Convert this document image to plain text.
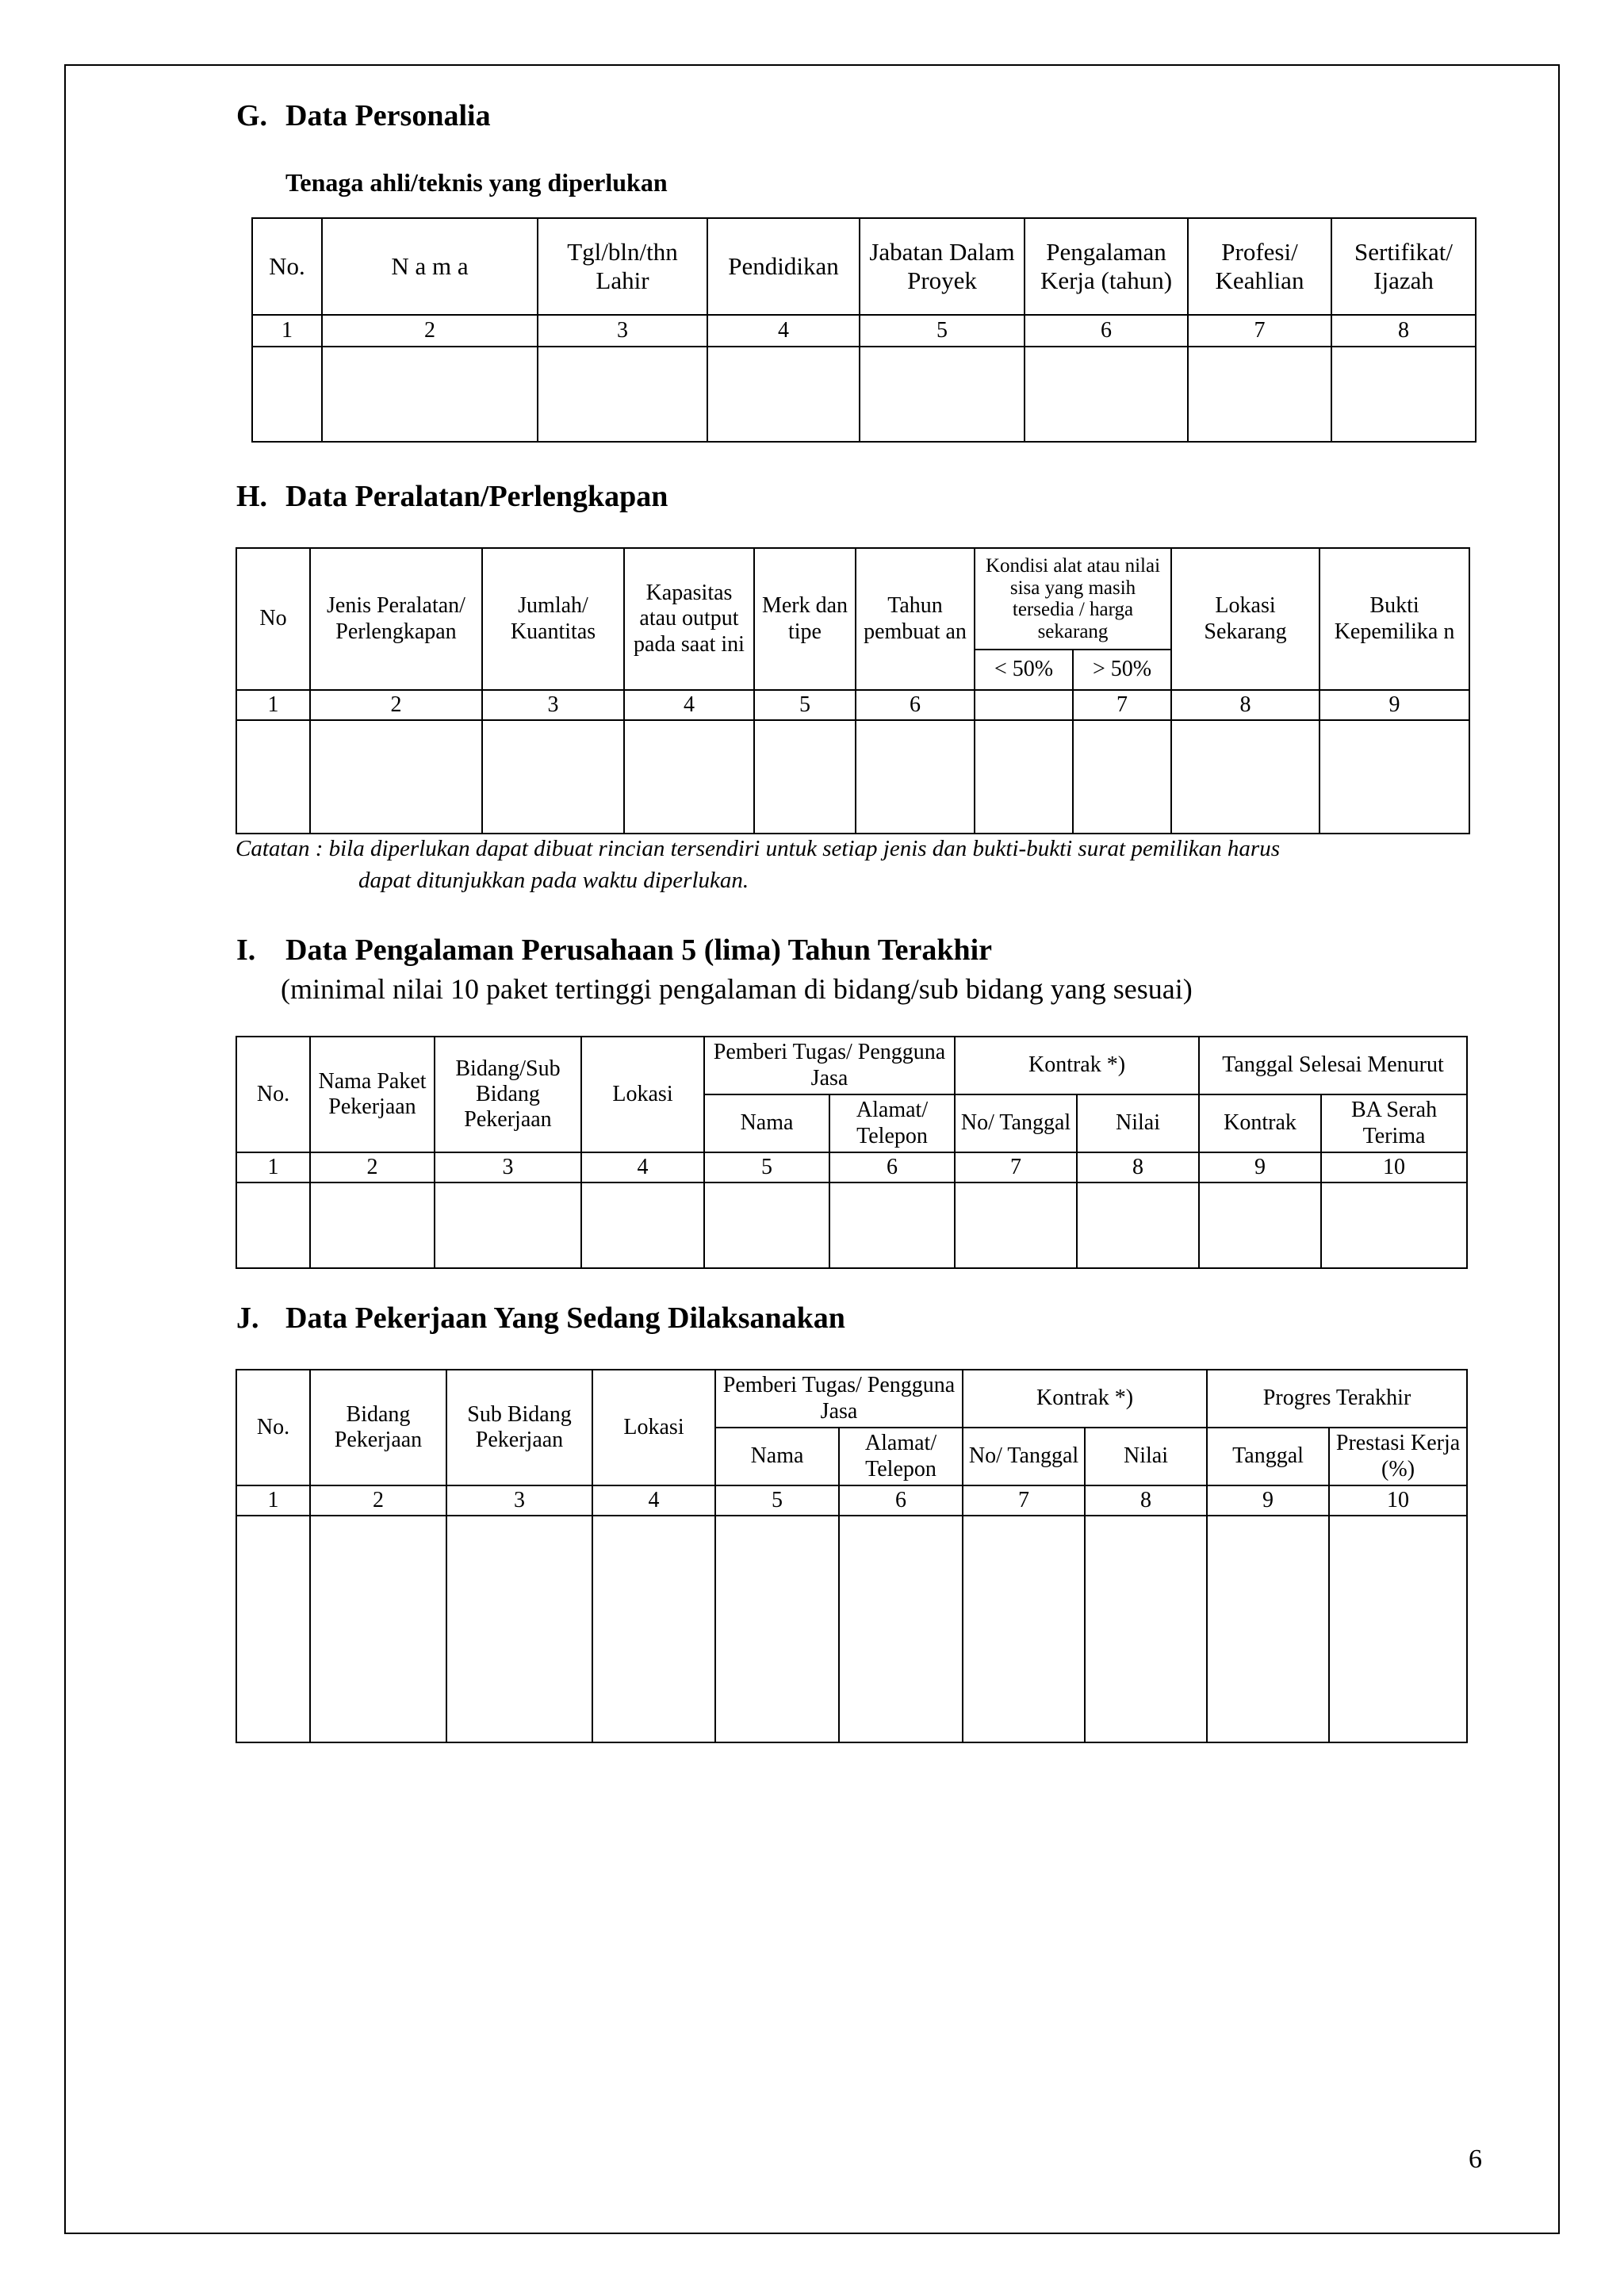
G. Data Personalia
Tenaga ahli/teknis yang diperlukan
No.	N a m a	Tgl/bln/thn Lahir	Pendidikan	Jabatan Dalam Proyek	Pengalaman Kerja (tahun)	Profesi/ Keahlian	Sertifikat/ Ijazah
1	2	3	4	5	6	7	8

H. Data Peralatan/Perlengkapan
No	Jenis Peralatan/ Perlengkapan	Jumlah/ Kuantitas	Kapasitas atau output pada saat ini	Merk dan tipe	Tahun pembuat an	Kondisi alat atau nilai sisa yang masih tersedia / harga sekarang		Lokasi Sekarang	Bukti Kepemilika n
						< 50%	> 50%		
1	2	3	4	5	6		7	8	9

Catatan : bila diperlukan dapat dibuat rincian tersendiri untuk setiap jenis dan bukti-bukti surat pemilikan harus
dapat ditunjukkan pada waktu diperlukan.
I. Data Pengalaman Perusahaan 5 (lima) Tahun Terakhir
(minimal nilai 10 paket tertinggi pengalaman di bidang/sub bidang yang sesuai)
No.	Nama Paket Pekerjaan	Bidang/Sub Bidang Pekerjaan	Lokasi	Pemberi Tugas/ Pengguna Jasa		Kontrak *)		Tanggal Selesai Menurut	
				Nama	Alamat/ Telepon	No/ Tanggal	Nilai	Kontrak	BA Serah Terima
1	2	3	4	5	6	7	8	9	10

J. Data Pekerjaan Yang Sedang Dilaksanakan
No.	Bidang Pekerjaan	Sub Bidang Pekerjaan	Lokasi	Pemberi Tugas/ Pengguna Jasa		Kontrak *)		Progres Terakhir	
				Nama	Alamat/ Telepon	No/ Tanggal	Nilai	Tanggal	Prestasi Kerja (%)
1	2	3	4	5	6	7	8	9	10

6
